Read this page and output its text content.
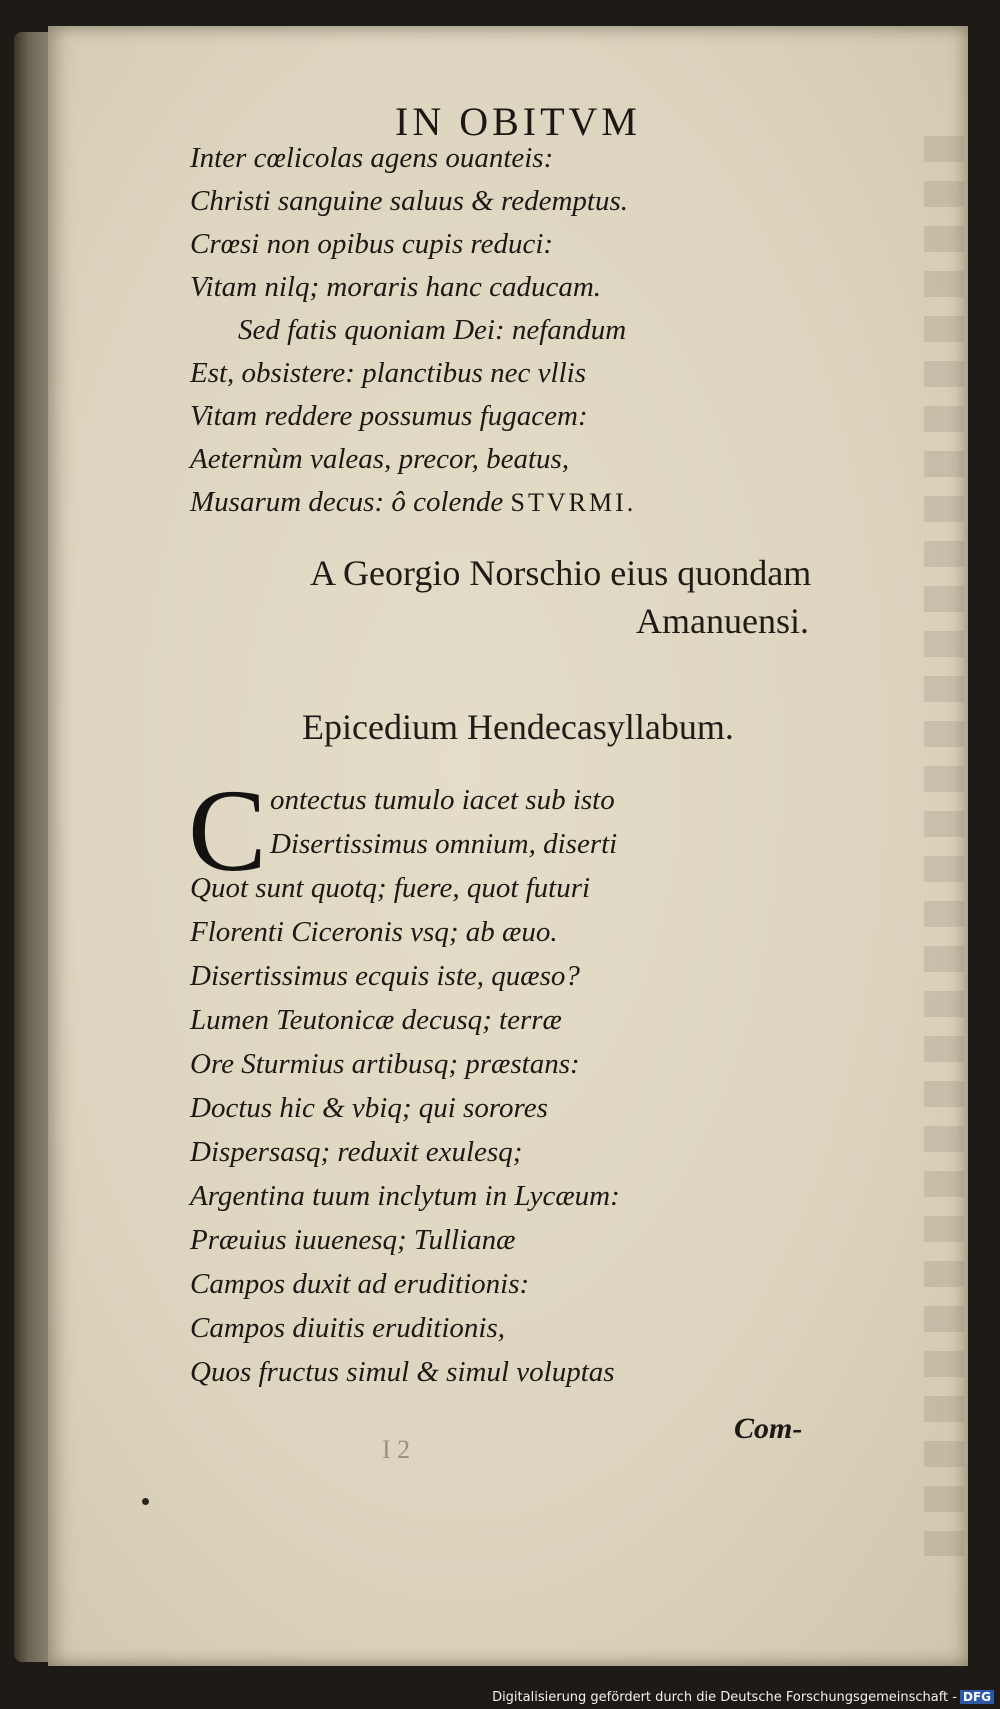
IN OBITVM
Inter cœlicolas agens ouanteis:
Christi sanguine saluus & redemptus.
Crœsi non opibus cupis reduci:
Vitam nilq; moraris hanc caducam.
Sed fatis quoniam Dei: nefandum
Est, obsistere: planctibus nec vllis
Vitam reddere possumus fugacem:
Aeternùm valeas, precor, beatus,
Musarum decus: ô colende STVRMI.
A Georgio Norschio eius quondam
Amanuensi.
Epicedium Hendecasyllabum.
C ontectus tumulo iacet sub isto
Disertissimus omnium, diserti
Quot sunt quotq; fuere, quot futuri
Florenti Ciceronis vsq; ab æuo.
Disertissimus ecquis iste, quæso?
Lumen Teutonicæ decusq; terræ
Ore Sturmius artibusq; præstans:
Doctus hic & vbiq; qui sorores
Dispersasq; reduxit exulesq;
Argentina tuum inclytum in Lycæum:
Præuius iuuenesq; Tullianæ
Campos duxit ad eruditionis:
Campos diuitis eruditionis,
Quos fructus simul & simul voluptas
I 2
Com-
Digitalisierung gefördert durch die Deutsche Forschungsgemeinschaft - DFG
